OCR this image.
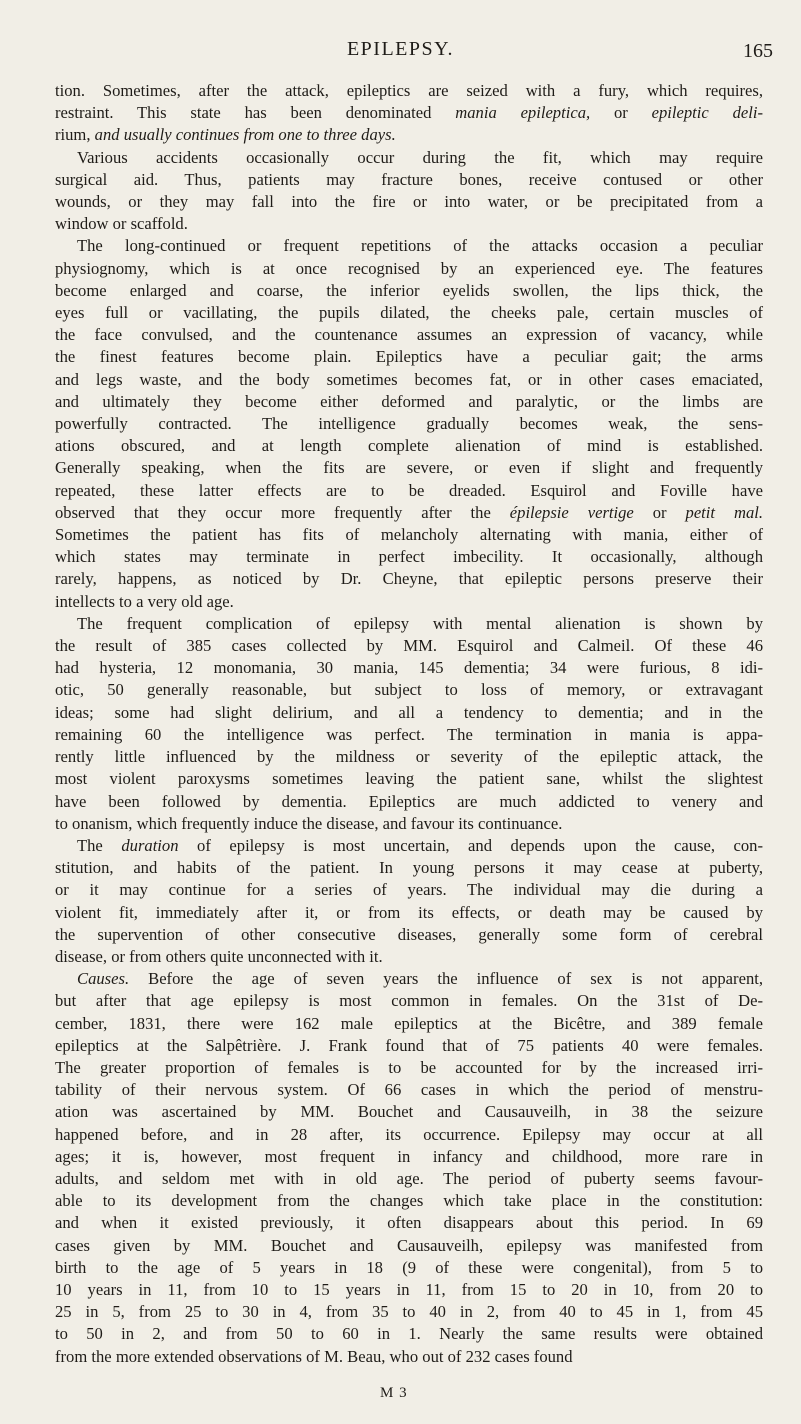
EPILEPSY.	165
tion. Sometimes, after the attack, epileptics are seized with a fury, which requires,
restraint. This state has been denominated mania epileptica, or epileptic deli-
rium, and usually continues from one to three days.
Various accidents occasionally occur during the fit, which may require
surgical aid. Thus, patients may fracture bones, receive contused or other
wounds, or they may fall into the fire or into water, or be precipitated from a
window or scaffold.
The long-continued or frequent repetitions of the attacks occasion a peculiar
physiognomy, which is at once recognised by an experienced eye. The features
become enlarged and coarse, the inferior eyelids swollen, the lips thick, the
eyes full or vacillating, the pupils dilated, the cheeks pale, certain muscles of
the face convulsed, and the countenance assumes an expression of vacancy, while
the finest features become plain. Epileptics have a peculiar gait; the arms
and legs waste, and the body sometimes becomes fat, or in other cases emaciated,
and ultimately they become either deformed and paralytic, or the limbs are
powerfully contracted. The intelligence gradually becomes weak, the sens-
ations obscured, and at length complete alienation of mind is established.
Generally speaking, when the fits are severe, or even if slight and frequently
repeated, these latter effects are to be dreaded. Esquirol and Foville have
observed that they occur more frequently after the épilepsie vertige or petit mal.
Sometimes the patient has fits of melancholy alternating with mania, either of
which states may terminate in perfect imbecility. It occasionally, although
rarely, happens, as noticed by Dr. Cheyne, that epileptic persons preserve their
intellects to a very old age.
The frequent complication of epilepsy with mental alienation is shown by
the result of 385 cases collected by MM. Esquirol and Calmeil. Of these 46
had hysteria, 12 monomania, 30 mania, 145 dementia; 34 were furious, 8 idi-
otic, 50 generally reasonable, but subject to loss of memory, or extravagant
ideas; some had slight delirium, and all a tendency to dementia; and in the
remaining 60 the intelligence was perfect. The termination in mania is appa-
rently little influenced by the mildness or severity of the epileptic attack, the
most violent paroxysms sometimes leaving the patient sane, whilst the slightest
have been followed by dementia. Epileptics are much addicted to venery and
to onanism, which frequently induce the disease, and favour its continuance.
The duration of epilepsy is most uncertain, and depends upon the cause, con-
stitution, and habits of the patient. In young persons it may cease at puberty,
or it may continue for a series of years. The individual may die during a
violent fit, immediately after it, or from its effects, or death may be caused by
the supervention of other consecutive diseases, generally some form of cerebral
disease, or from others quite unconnected with it.
Causes. Before the age of seven years the influence of sex is not apparent,
but after that age epilepsy is most common in females. On the 31st of De-
cember, 1831, there were 162 male epileptics at the Bicêtre, and 389 female
epileptics at the Salpêtrière. J. Frank found that of 75 patients 40 were females.
The greater proportion of females is to be accounted for by the increased irri-
tability of their nervous system. Of 66 cases in which the period of menstru-
ation was ascertained by MM. Bouchet and Causauveilh, in 38 the seizure
happened before, and in 28 after, its occurrence. Epilepsy may occur at all
ages; it is, however, most frequent in infancy and childhood, more rare in
adults, and seldom met with in old age. The period of puberty seems favour-
able to its development from the changes which take place in the constitution:
and when it existed previously, it often disappears about this period. In 69
cases given by MM. Bouchet and Causauveilh, epilepsy was manifested from
birth to the age of 5 years in 18 (9 of these were congenital), from 5 to
10 years in 11, from 10 to 15 years in 11, from 15 to 20 in 10, from 20 to
25 in 5, from 25 to 30 in 4, from 35 to 40 in 2, from 40 to 45 in 1, from 45
to 50 in 2, and from 50 to 60 in 1. Nearly the same results were obtained
from the more extended observations of M. Beau, who out of 232 cases found
M 3
